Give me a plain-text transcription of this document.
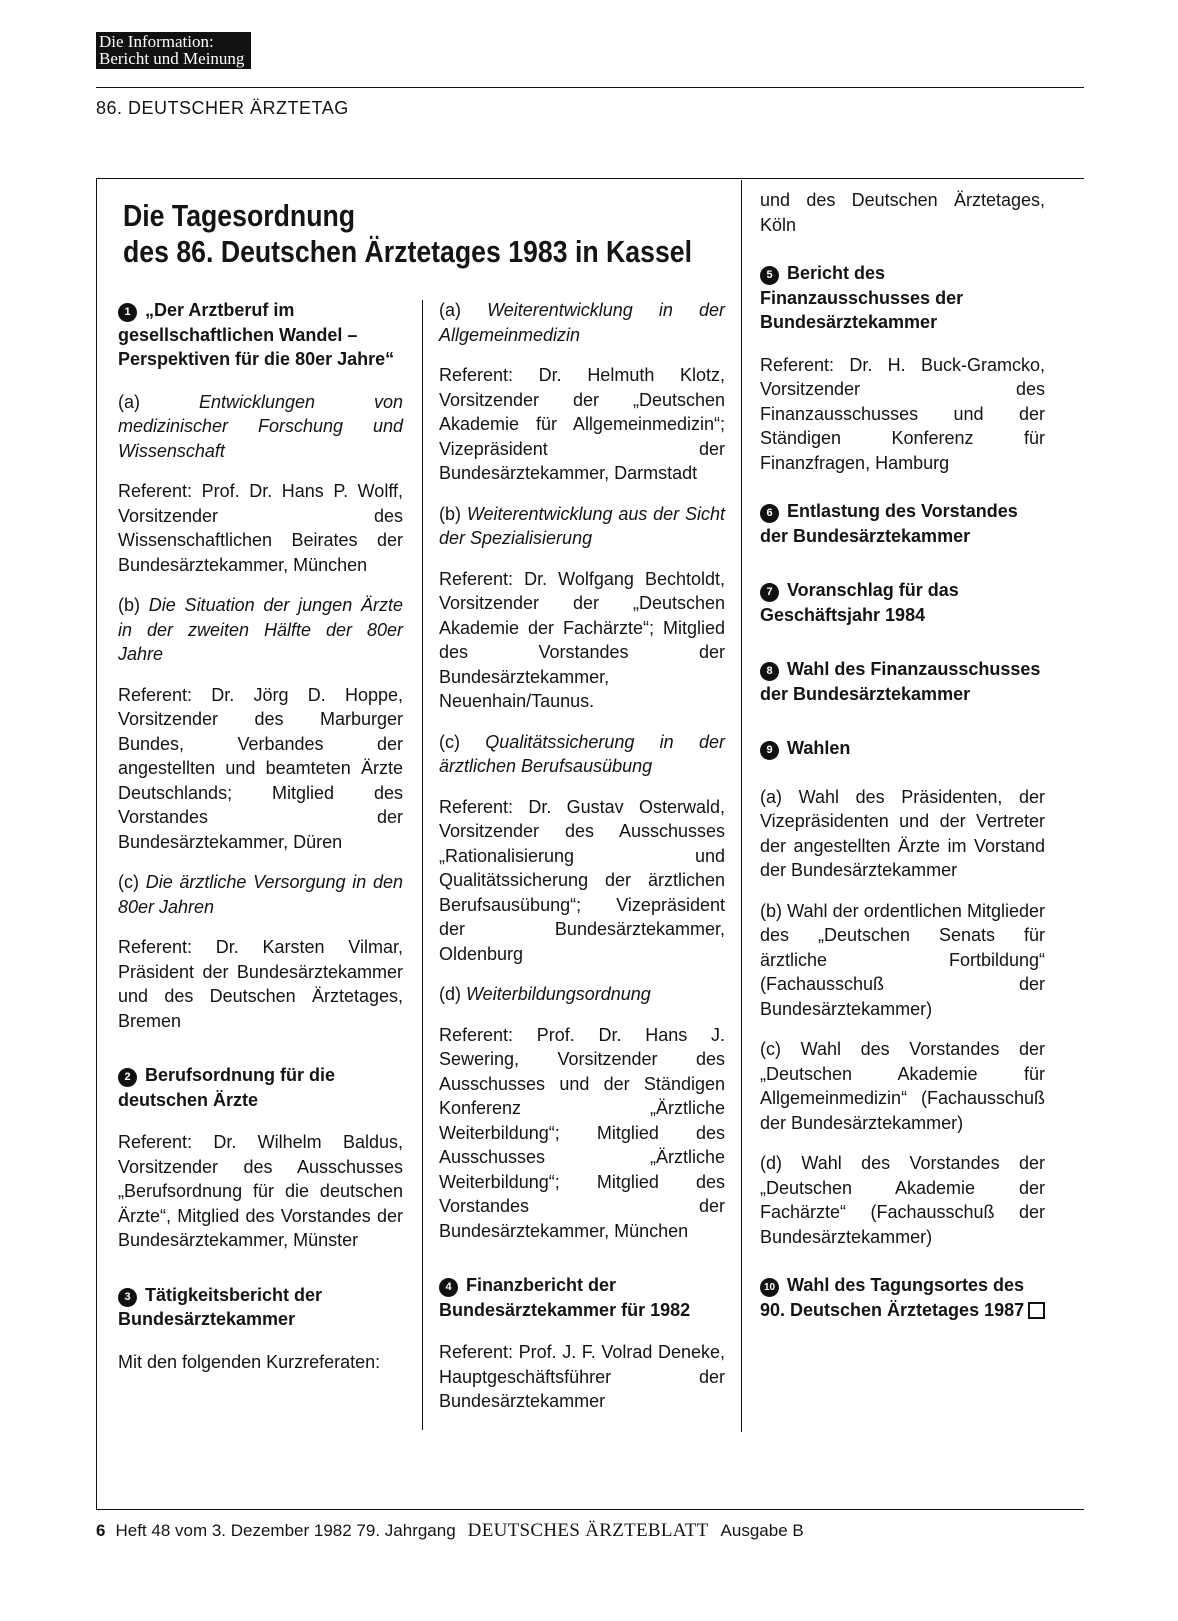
Die Information:
Bericht und Meinung
86. DEUTSCHER ÄRZTETAG
Die Tagesordnung
des 86. Deutschen Ärztetages 1983 in Kassel

1 „Der Arztberuf im gesellschaftlichen Wandel – Perspektiven für die 80er Jahre“

(a)	Entwicklungen von medizinischer Forschung und Wissenschaft

Referent: Prof. Dr. Hans P. Wolff, Vorsitzender des Wissenschaftlichen Beirates der Bundesärztekammer, München

(b) Die Situation der jungen Ärzte in der zweiten Hälfte der 80er Jahre

Referent: Dr. Jörg D. Hoppe, Vorsitzender des Marburger Bundes, Verbandes der angestellten und beamteten Ärzte Deutschlands; Mitglied des Vorstandes der Bundesärztekammer, Düren

(c) Die ärztliche Versorgung in den 80er Jahren

Referent: Dr. Karsten Vilmar, Präsident der Bundesärztekammer und des Deutschen Ärztetages, Bremen

2 Berufsordnung für die deutschen Ärzte

Referent: Dr. Wilhelm Baldus, Vorsitzender des Ausschusses „Berufsordnung für die deutschen Ärzte“, Mitglied des Vorstandes der Bundesärztekammer, Münster

3 Tätigkeitsbericht der Bundesärztekammer

Mit den folgenden Kurzreferaten:

(a) Weiterentwicklung in der Allgemeinmedizin

Referent: Dr. Helmuth Klotz, Vorsitzender der „Deutschen Akademie für Allgemeinmedizin“; Vizepräsident der Bundesärztekammer, Darmstadt

(b) Weiterentwicklung aus der Sicht der Spezialisierung

Referent: Dr. Wolfgang Bechtoldt, Vorsitzender der „Deutschen Akademie der Fachärzte“; Mitglied des Vorstandes der Bundesärztekammer, Neuenhain/Taunus.

(c) Qualitätssicherung in der ärztlichen Berufsausübung

Referent: Dr. Gustav Osterwald, Vorsitzender des Ausschusses „Rationalisierung und Qualitätssicherung der ärztlichen Berufsausübung“; Vizepräsident der Bundesärztekammer, Oldenburg

(d) Weiterbildungsordnung

Referent: Prof. Dr. Hans J. Sewering, Vorsitzender des Ausschusses und der Ständigen Konferenz „Ärztliche Weiterbildung“; Mitglied des Ausschusses „Ärztliche Weiterbildung“; Mitglied des Vorstandes der Bundesärztekammer, München

4 Finanzbericht der Bundesärztekammer für 1982

Referent: Prof. J. F. Volrad Deneke, Hauptgeschäftsführer der Bundesärztekammer

und des Deutschen Ärztetages, Köln

5 Bericht des Finanzausschusses der Bundesärztekammer

Referent: Dr. H. Buck-Gramcko, Vorsitzender des Finanzausschusses und der Ständigen Konferenz für Finanzfragen, Hamburg

6 Entlastung des Vorstandes der Bundesärztekammer

7 Voranschlag für das Geschäftsjahr 1984

8 Wahl des Finanzausschusses der Bundesärztekammer

9 Wahlen

(a) Wahl des Präsidenten, der Vizepräsidenten und der Vertreter der angestellten Ärzte im Vorstand der Bundesärztekammer

(b) Wahl der ordentlichen Mitglieder des „Deutschen Senats für ärztliche Fortbildung“ (Fachausschuß der Bundesärztekammer)

(c) Wahl des Vorstandes der „Deutschen Akademie für Allgemeinmedizin“ (Fachausschuß der Bundesärztekammer)

(d) Wahl des Vorstandes der „Deutschen Akademie der Fachärzte“ (Fachausschuß der Bundesärztekammer)

10 Wahl des Tagungsortes des 90. Deutschen Ärztetages 1987

6 Heft 48 vom 3. Dezember 1982 79. Jahrgang DEUTSCHES ÄRZTEBLATT Ausgabe B
